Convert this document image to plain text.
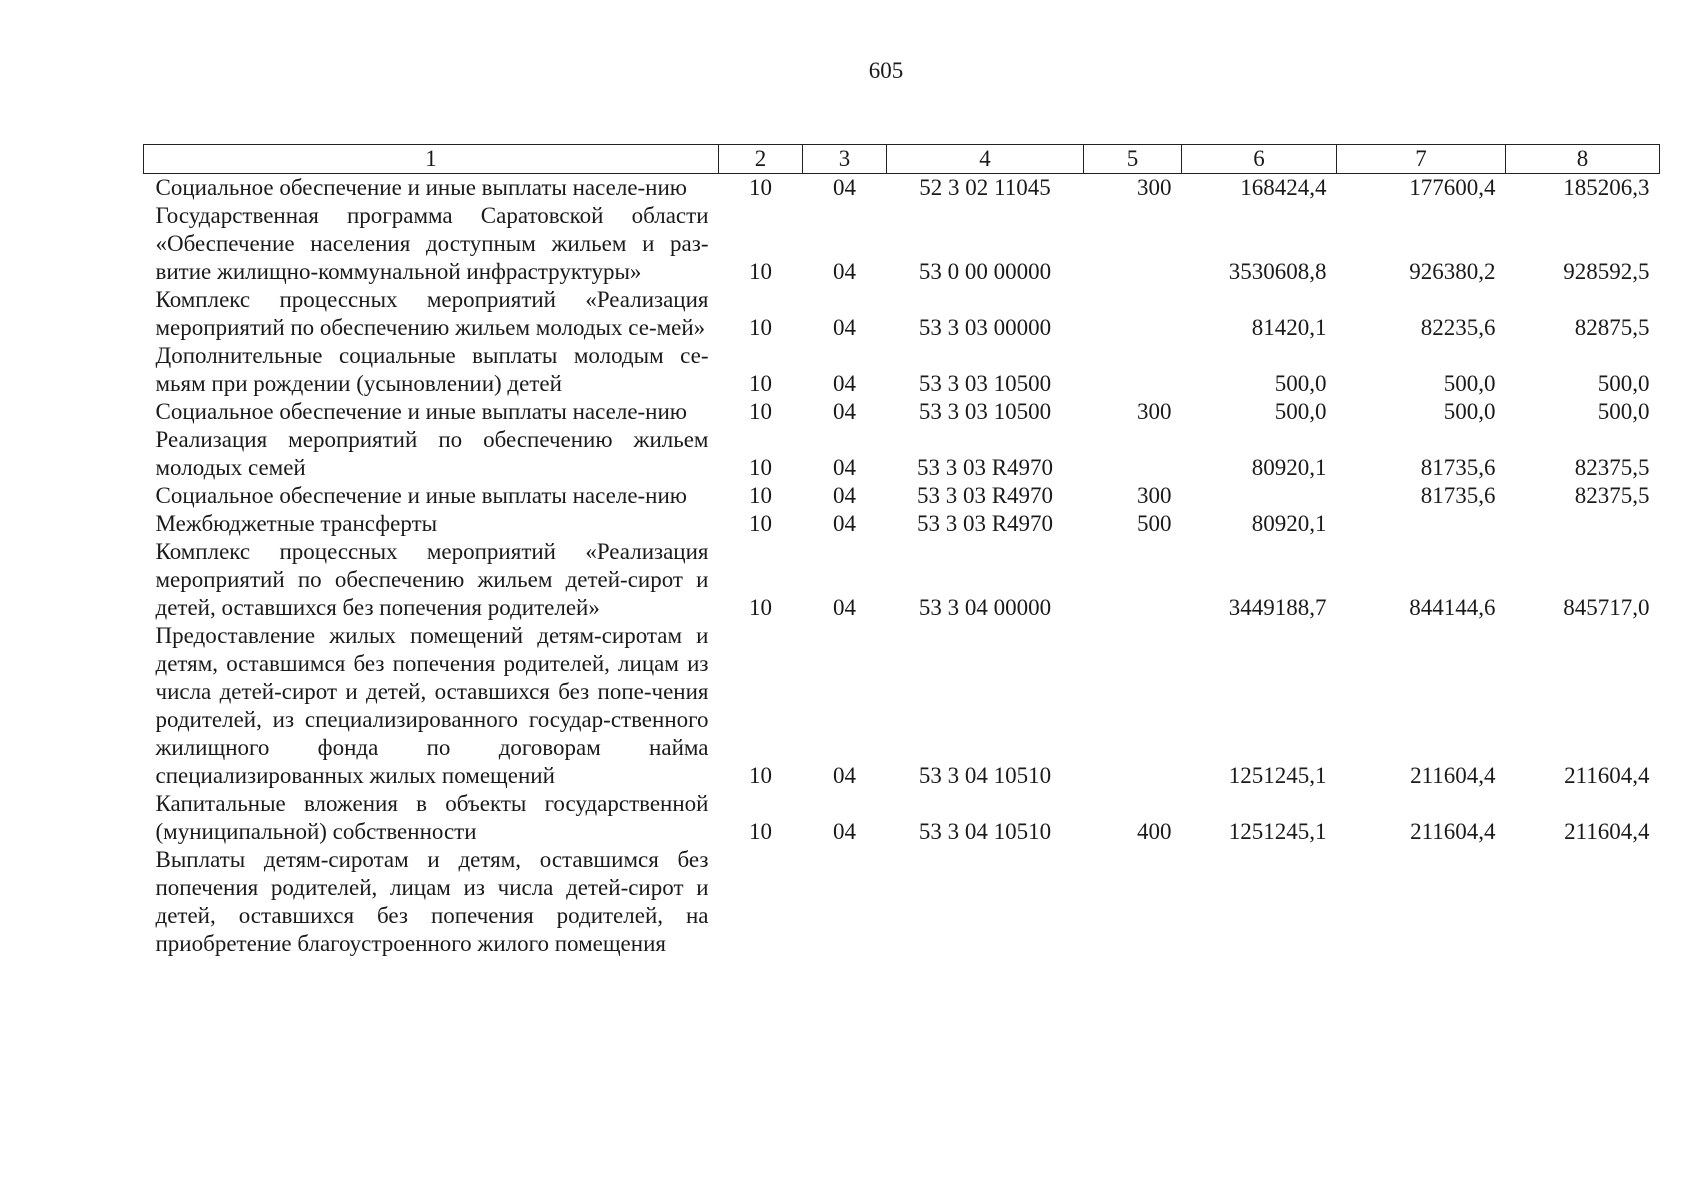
605
1	2	3	4	5	6	7	8
Социальное обеспечение и иные выплаты населе-нию	10	04	52 3 02 11045	300	168424,4	177600,4	185206,3
Государственная программа Саратовской области «Обеспечение населения доступным жильем и раз-витие жилищно-коммунальной инфраструктуры»	10	04	53 0 00 00000		3530608,8	926380,2	928592,5
Комплекс процессных мероприятий «Реализация мероприятий по обеспечению жильем молодых се-мей»	10	04	53 3 03 00000		81420,1	82235,6	82875,5
Дополнительные социальные выплаты молодым се-мьям при рождении (усыновлении) детей	10	04	53 3 03 10500		500,0	500,0	500,0
Социальное обеспечение и иные выплаты населе-нию	10	04	53 3 03 10500	300	500,0	500,0	500,0
Реализация мероприятий по обеспечению жильем молодых семей	10	04	53 3 03 R4970		80920,1	81735,6	82375,5
Социальное обеспечение и иные выплаты населе-нию	10	04	53 3 03 R4970	300		81735,6	82375,5
Межбюджетные трансферты	10	04	53 3 03 R4970	500	80920,1		
Комплекс процессных мероприятий «Реализация мероприятий по обеспечению жильем детей-сирот и детей, оставшихся без попечения родителей»	10	04	53 3 04 00000		3449188,7	844144,6	845717,0
Предоставление жилых помещений детям-сиротам и детям, оставшимся без попечения родителей, лицам из числа детей-сирот и детей, оставшихся без попе-чения родителей, из специализированного государ-ственного жилищного фонда по договорам найма специализированных жилых помещений	10	04	53 3 04 10510		1251245,1	211604,4	211604,4
Капитальные вложения в объекты государственной (муниципальной) собственности	10	04	53 3 04 10510	400	1251245,1	211604,4	211604,4
Выплаты детям-сиротам и детям, оставшимся без попечения родителей, лицам из числа детей-сирот и детей, оставшихся без попечения родителей, на приобретение благоустроенного жилого помещения							
